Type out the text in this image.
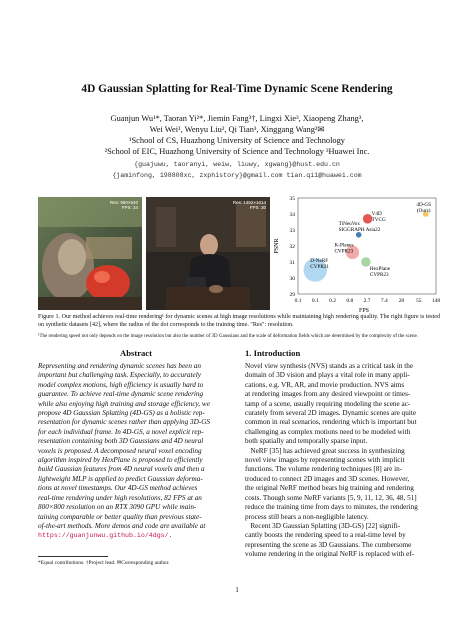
4D Gaussian Splatting for Real-Time Dynamic Scene Rendering
Guanjun Wu¹*, Taoran Yi²*, Jiemin Fang³†, Lingxi Xie³, Xiaopeng Zhang³,
Wei Wei¹, Wenyu Liu², Qi Tian³, Xinggang Wang²✉
¹School of CS, Huazhong University of Science and Technology
²School of EIC, Huazhong University of Science and Technology ³Huawei Inc.
{guajuwu, taoranyi, weiw, liuwy, xgwang}@hust.edu.cn
{jaminfong, 198808xc, zxphistory}@gmail.com tian.qi1@huawei.com
Res: 960×540
FPS: 34
Res: 1352×1014
FPS: 30
29
30
31
32
33
34
35
0.1 0.1 0.2 0.8 2.7 7.4 20 55 148
D-NeRF CVPR21
K-Planes CVPR23
HexPlane CVPR23
TiNeuVox SIGGRAPH Asia22
V4D TVCG
4D-GS (Ours)
FPS
PSNR
Figure 1. Our method achieves real-time rendering¹ for dynamic scenes at high image resolutions while maintaining high rendering quality. The right figure is tested on synthetic datasets [42], where the radius of the dot corresponds to the training time. "Res": resolution.
¹The rendering speed not only depends on the image resolution but also the number of 3D Gaussians and the scale of deformation fields which are determined by the complexity of the scene.
Abstract
Representing and rendering dynamic scenes has been an
important but challenging task. Especially, to accurately
model complex motions, high efficiency is usually hard to
guarantee. To achieve real-time dynamic scene rendering
while also enjoying high training and storage efficiency, we
propose 4D Gaussian Splatting (4D-GS) as a holistic rep-
resentation for dynamic scenes rather than applying 3D-GS
for each individual frame. In 4D-GS, a novel explicit rep-
resentation containing both 3D Gaussians and 4D neural
voxels is proposed. A decomposed neural voxel encoding
algorithm inspired by HexPlane is proposed to efficiently
build Gaussian features from 4D neural voxels and then a
lightweight MLP is applied to predict Gaussian deforma-
tions at novel timestamps. Our 4D-GS method achieves
real-time rendering under high resolutions, 82 FPS at an
800×800 resolution on an RTX 3090 GPU while main-
taining comparable or better quality than previous state-
of-the-art methods. More demos and code are available at
https://guanjunwu.github.io/4dgs/.
*Equal contributions. †Project lead. ✉Corresponding author.
1. Introduction
Novel view synthesis (NVS) stands as a critical task in the
domain of 3D vision and plays a vital role in many appli-
cations, e.g. VR, AR, and movie production. NVS aims
at rendering images from any desired viewpoint or times-
tamp of a scene, usually requiring modeling the scene ac-
curately from several 2D images. Dynamic scenes are quite
common in real scenarios, rendering which is important but
challenging as complex motions need to be modeled with
both spatially and temporally sparse input.
NeRF [35] has achieved great success in synthesizing
novel view images by representing scenes with implicit
functions. The volume rendering techniques [8] are in-
troduced to connect 2D images and 3D scenes. However,
the original NeRF method bears big training and rendering
costs. Though some NeRF variants [5, 9, 11, 12, 36, 48, 51]
reduce the training time from days to minutes, the rendering
process still bears a non-negligible latency.
Recent 3D Gaussian Splatting (3D-GS) [22] signifi-
cantly boosts the rendering speed to a real-time level by
representing the scene as 3D Gaussians. The cumbersome
volume rendering in the original NeRF is replaced with ef-
1
